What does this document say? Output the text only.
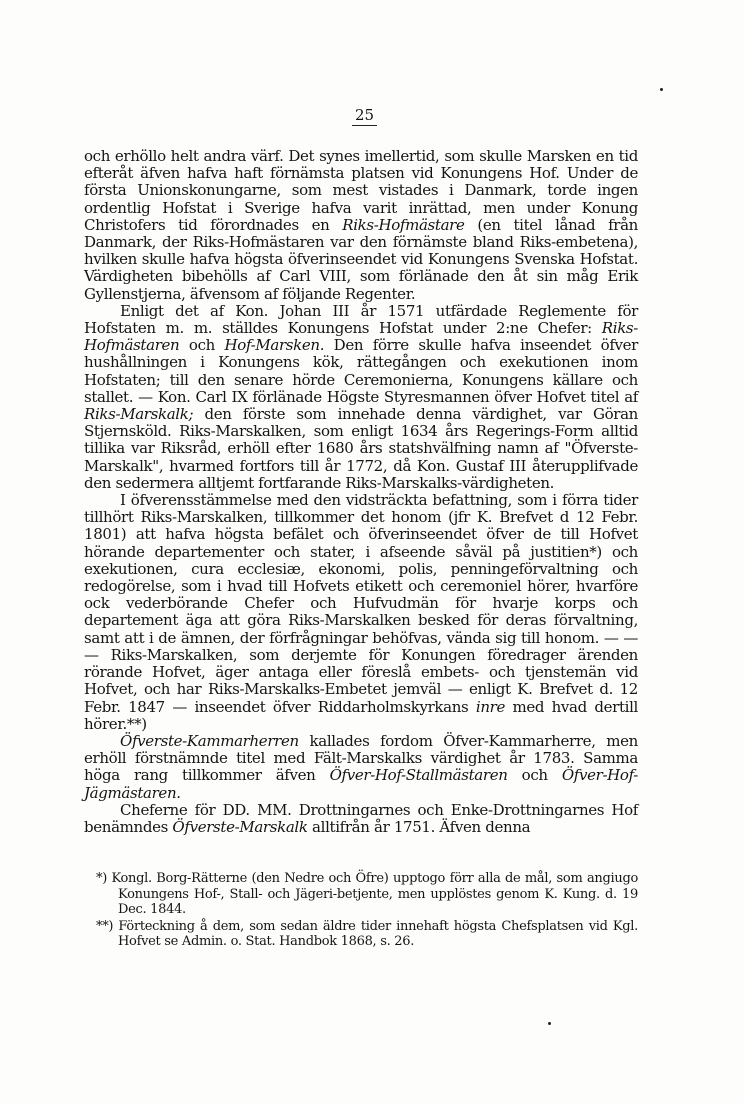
25

och erhöllo helt andra värf. Det synes imellertid, som skulle Marsken en tid efteråt äfven hafva haft förnämsta platsen vid Konungens Hof. Under de första Unionskonungarne, som mest vistades i Danmark, torde ingen ordentlig Hofstat i Sverige hafva varit inrättad, men under Konung Christofers tid förordnades en Riks-Hofmästare (en titel lånad från Danmark, der Riks-Hofmästaren var den förnämste bland Riks-embetena), hvilken skulle hafva högsta öfverinseendet vid Konungens Svenska Hofstat. Värdigheten bibehölls af Carl VIII, som förlänade den åt sin måg Erik Gyllenstjerna, äfvensom af följande Regenter.

Enligt det af Kon. Johan III år 1571 utfärdade Reglemente för Hofstaten m. m. ställdes Konungens Hofstat under 2:ne Chefer: Riks-Hofmästaren och Hof-Marsken. Den förre skulle hafva inseendet öfver hushållningen i Konungens kök, rättegången och exekutionen inom Hofstaten; till den senare hörde Ceremonierna, Konungens källare och stallet. — Kon. Carl IX förlänade Högste Styresmannen öfver Hofvet titel af Riks-Marskalk; den förste som innehade denna värdighet, var Göran Stjernsköld. Riks-Marskalken, som enligt 1634 års Regerings-Form alltid tillika var Riksråd, erhöll efter 1680 års statshvälfning namn af "Öfverste-Marskalk", hvarmed fortfors till år 1772, då Kon. Gustaf III återupplifvade den sedermera alltjemt fortfarande Riks-Marskalks-värdigheten.

I öfverensstämmelse med den vidsträckta befattning, som i förra tider tillhört Riks-Marskalken, tillkommer det honom (jfr K. Brefvet d 12 Febr. 1801) att hafva högsta befälet och öfverinseendet öfver de till Hofvet hörande departementer och stater, i afseende såväl på justitien*) och exekutionen, cura ecclesiæ, ekonomi, polis, penningeförvaltning och redogörelse, som i hvad till Hofvets etikett och ceremoniel hörer, hvarföre ock vederbörande Chefer och Hufvudmän för hvarje korps och departement äga att göra Riks-Marskalken besked för deras förvaltning, samt att i de ämnen, der förfrågningar behöfvas, vända sig till honom. — — — Riks-Marskalken, som derjemte för Konungen föredrager ärenden rörande Hofvet, äger antaga eller föreslå embets- och tjenstemän vid Hofvet, och har Riks-Marskalks-Embetet jemväl — enligt K. Brefvet d. 12 Febr. 1847 — inseendet öfver Riddarholmskyrkans inre med hvad dertill hörer.**)

Öfverste-Kammarherren kallades fordom Öfver-Kammarherre, men erhöll förstnämnde titel med Fält-Marskalks värdighet år 1783. Samma höga rang tillkommer äfven Öfver-Hof-Stallmästaren och Öfver-Hof-Jägmästaren.

Cheferne för DD. MM. Drottningarnes och Enke-Drottningarnes Hof benämndes Öfverste-Marskalk alltifrån år 1751. Äfven denna

*) Kongl. Borg-Rätterne (den Nedre och Öfre) upptogo förr alla de mål, som angiugo Konungens Hof-, Stall- och Jägeri-betjente, men upplöstes genom K. Kung. d. 19 Dec. 1844.
**) Förteckning å dem, som sedan äldre tider innehaft högsta Chefsplatsen vid Kgl. Hofvet se Admin. o. Stat. Handbok 1868, s. 26.
